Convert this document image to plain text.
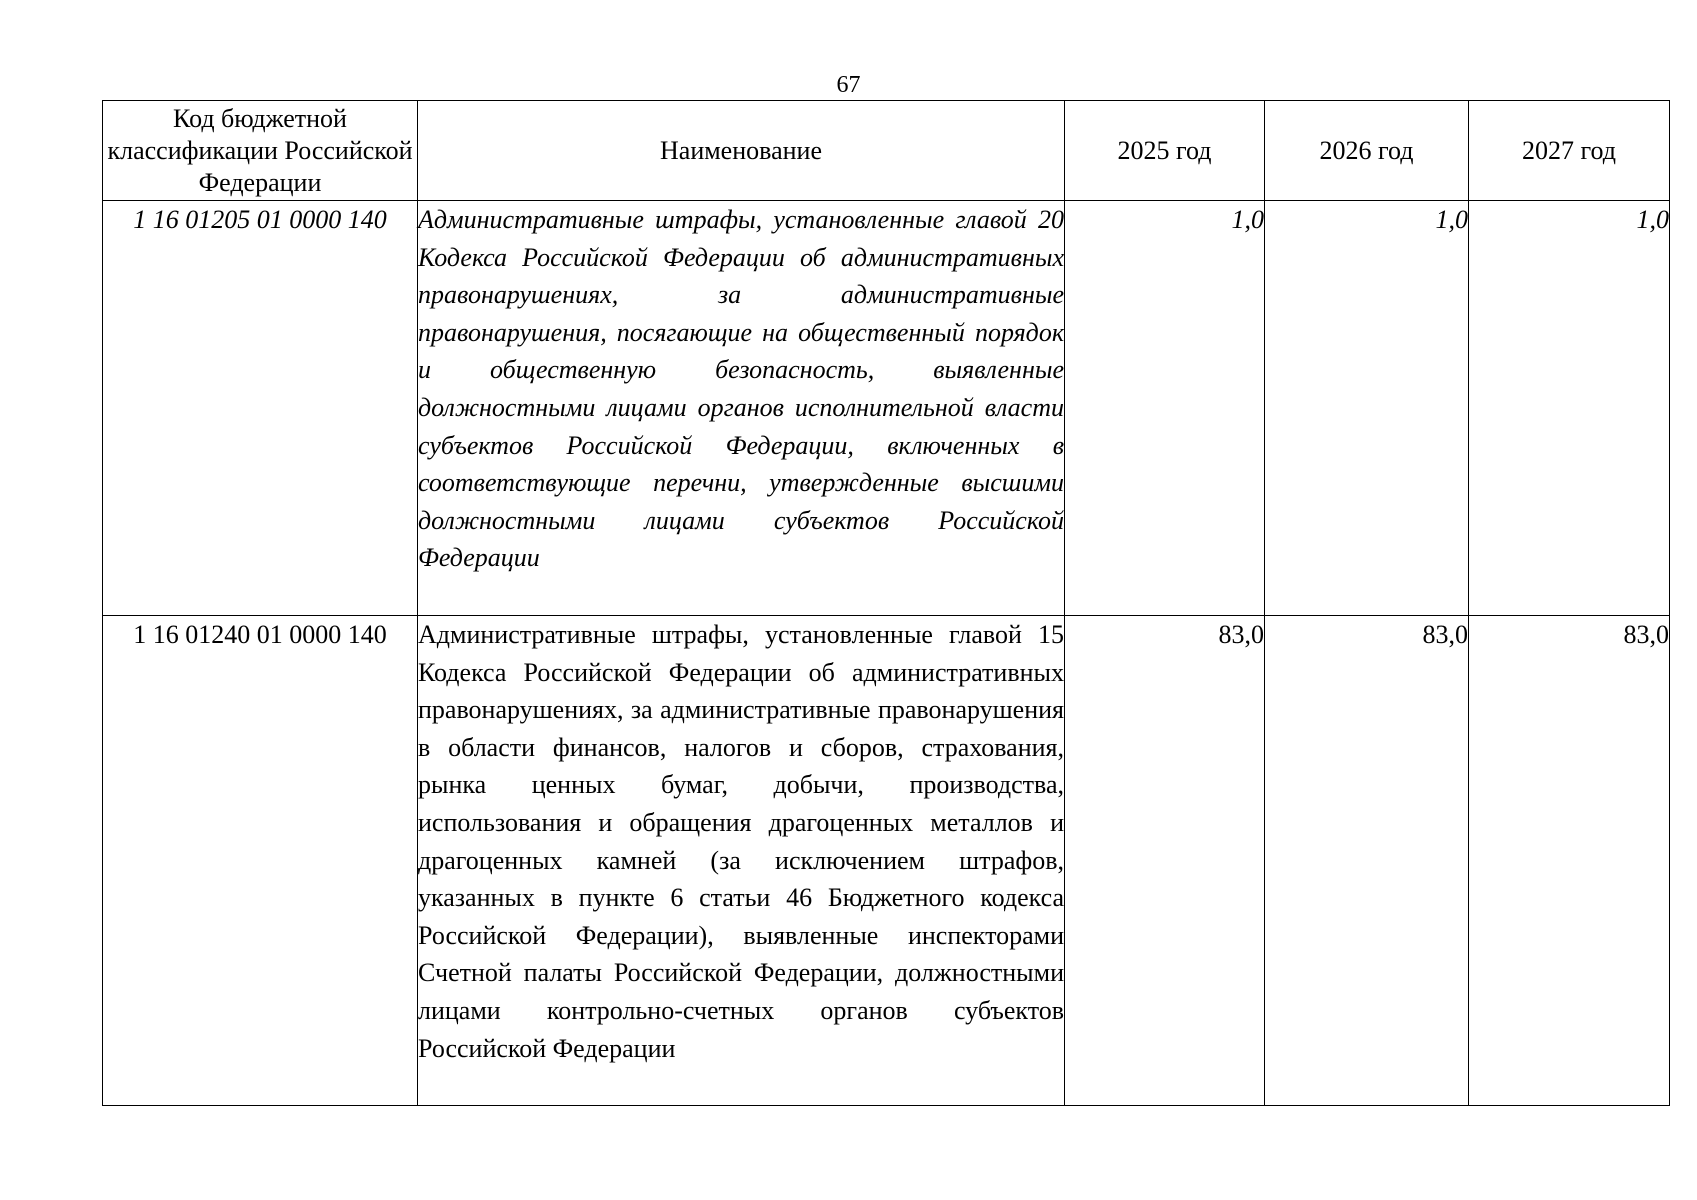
67
Код бюджетной классификации Российской Федерации	Наименование	2025 год	2026 год	2027 год
1 16 01205 01 0000 140	Административные штрафы, установленные главой 20 Кодекса Российской Федерации об административных правонарушениях, за административные правонарушения, посягающие на общественный порядок и общественную безопасность, выявленные должностными лицами органов исполнительной власти субъектов Российской Федерации, включенных в соответствующие перечни, утвержденные высшими должностными лицами субъектов Российской Федерации	1,0	1,0	1,0
1 16 01240 01 0000 140	Административные штрафы, установленные главой 15 Кодекса Российской Федерации об административных правонарушениях, за административные правонарушения в области финансов, налогов и сборов, страхования, рынка ценных бумаг, добычи, производства, использования и обращения драгоценных металлов и драгоценных камней (за исключением штрафов, указанных в пункте 6 статьи 46 Бюджетного кодекса Российской Федерации), выявленные инспекторами Счетной палаты Российской Федерации, должностными лицами контрольно-счетных органов субъектов Российской Федерации	83,0	83,0	83,0
